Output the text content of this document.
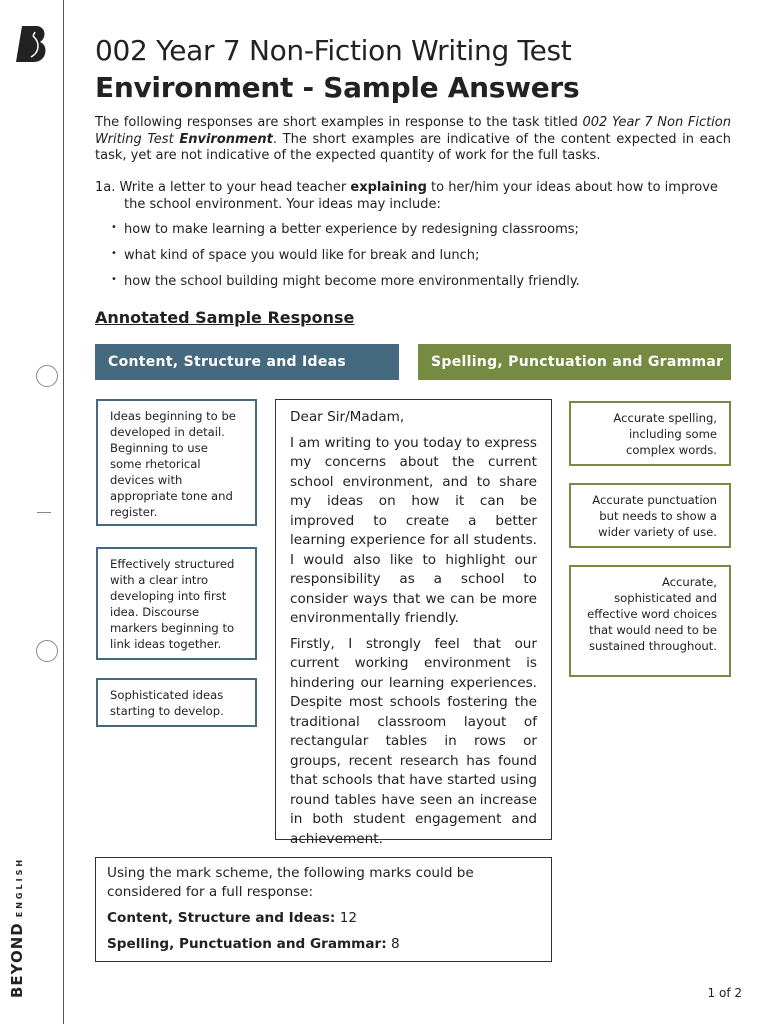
BEYONDENGLISH
002 Year 7 Non-Fiction Writing Test
Environment - Sample Answers
The following responses are short examples in response to the task titled 002 Year 7 Non Fiction Writing Test Environment. The short examples are indicative of the content expected in each task, yet are not indicative of the expected quantity of work for the full tasks.
1a. Write a letter to your head teacher explaining to her/him your ideas about how to improve the school environment. Your ideas may include:
• how to make learning a better experience by redesigning classrooms;
• what kind of space you would like for break and lunch;
• how the school building might become more environmentally friendly.
Annotated Sample Response
Content, Structure and Ideas	Spelling, Punctuation and Grammar
Ideas beginning to be developed in detail. Beginning to use some rhetorical devices with appropriate tone and register.
Effectively structured with a clear intro developing into first idea. Discourse markers beginning to link ideas together.
Sophisticated ideas starting to develop.
Accurate spelling, including some complex words.
Accurate punctuation but needs to show a wider variety of use.
Accurate, sophisticated and effective word choices that would need to be sustained throughout.

Dear Sir/Madam,

I am writing to you today to express my concerns about the current school environment, and to share my ideas on how it can be improved to create a better learning experience for all students. I would also like to highlight our responsibility as a school to consider ways that we can be more environmentally friendly.

Firstly, I strongly feel that our current working environment is hindering our learning experiences. Despite most schools fostering the traditional classroom layout of rectangular tables in rows or groups, recent research has found that schools that have started using round tables have seen an increase in both student engagement and achievement.

Using the mark scheme, the following marks could be considered for a full response:

Content, Structure and Ideas: 12

Spelling, Punctuation and Grammar: 8

1 of 2
